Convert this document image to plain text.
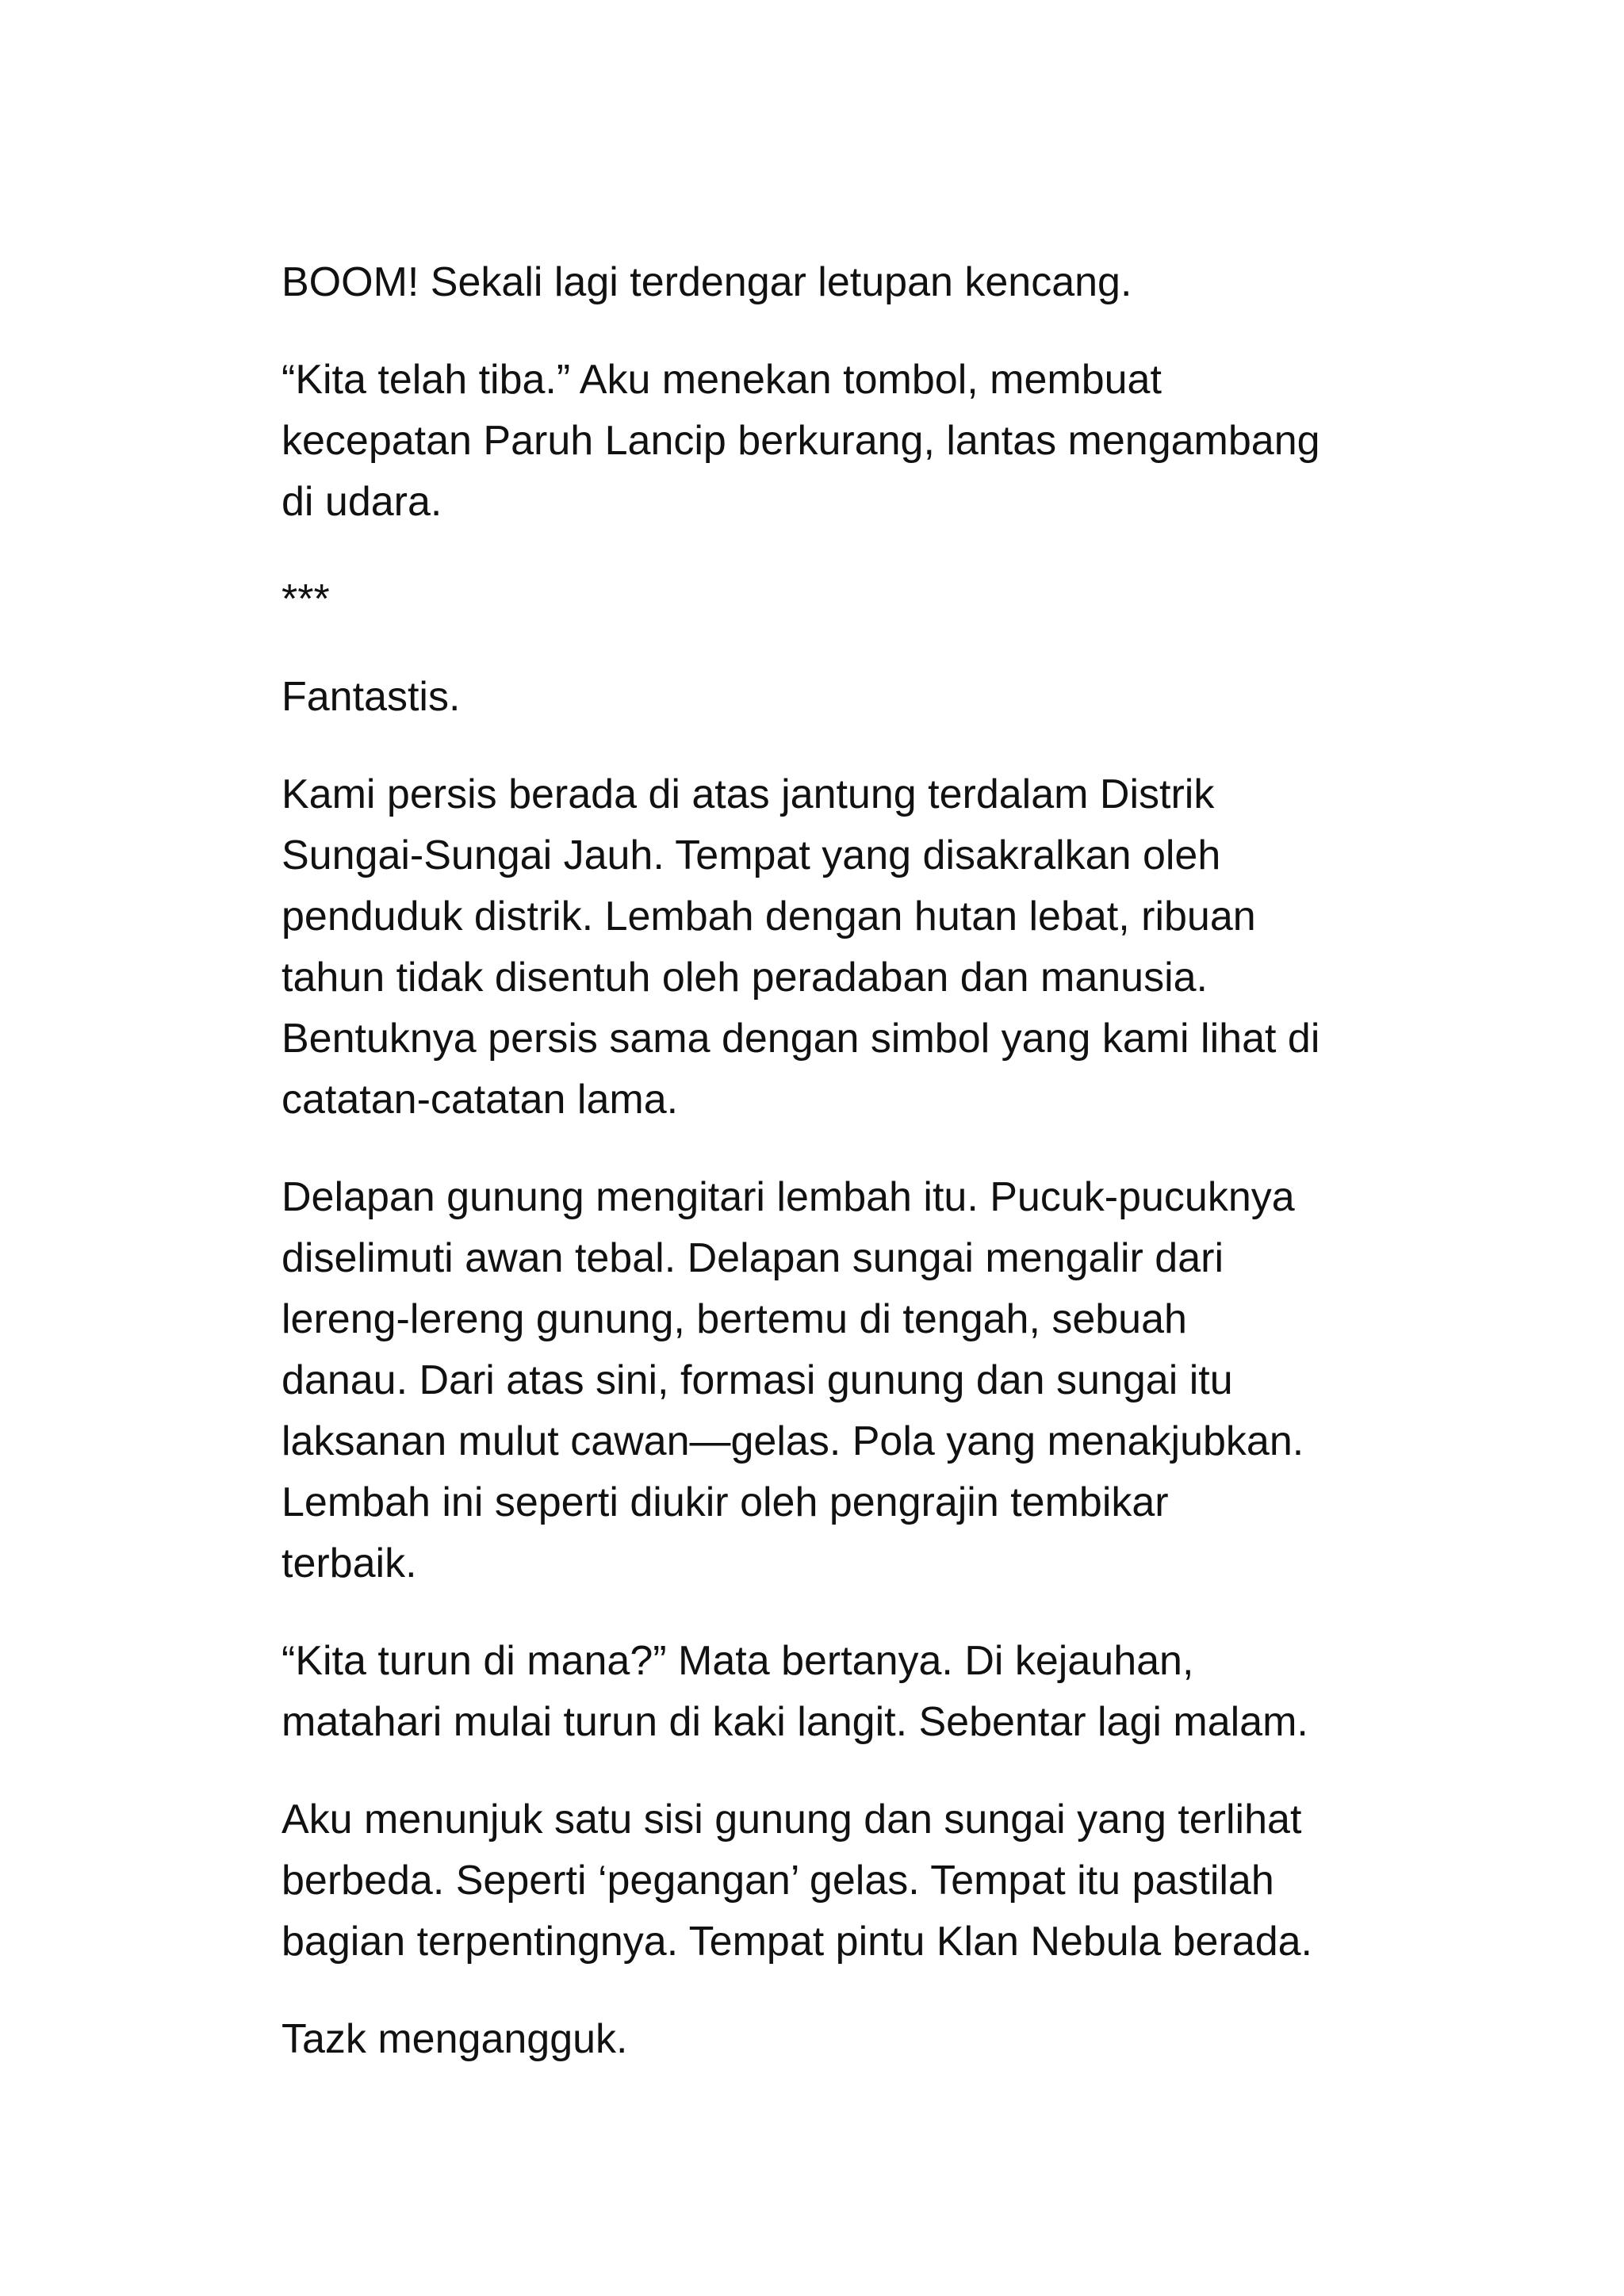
BOOM! Sekali lagi terdengar letupan kencang.

“Kita telah tiba.” Aku menekan tombol, membuat
kecepatan Paruh Lancip berkurang, lantas mengambang
di udara.

***

Fantastis.

Kami persis berada di atas jantung terdalam Distrik
Sungai-Sungai Jauh. Tempat yang disakralkan oleh
penduduk distrik. Lembah dengan hutan lebat, ribuan
tahun tidak disentuh oleh peradaban dan manusia.
Bentuknya persis sama dengan simbol yang kami lihat di
catatan-catatan lama.

Delapan gunung mengitari lembah itu. Pucuk-pucuknya
diselimuti awan tebal. Delapan sungai mengalir dari
lereng-lereng gunung, bertemu di tengah, sebuah
danau. Dari atas sini, formasi gunung dan sungai itu
laksanan mulut cawan—gelas. Pola yang menakjubkan.
Lembah ini seperti diukir oleh pengrajin tembikar
terbaik.

“Kita turun di mana?” Mata bertanya. Di kejauhan,
matahari mulai turun di kaki langit. Sebentar lagi malam.

Aku menunjuk satu sisi gunung dan sungai yang terlihat
berbeda. Seperti ‘pegangan’ gelas. Tempat itu pastilah
bagian terpentingnya. Tempat pintu Klan Nebula berada.

Tazk mengangguk.
